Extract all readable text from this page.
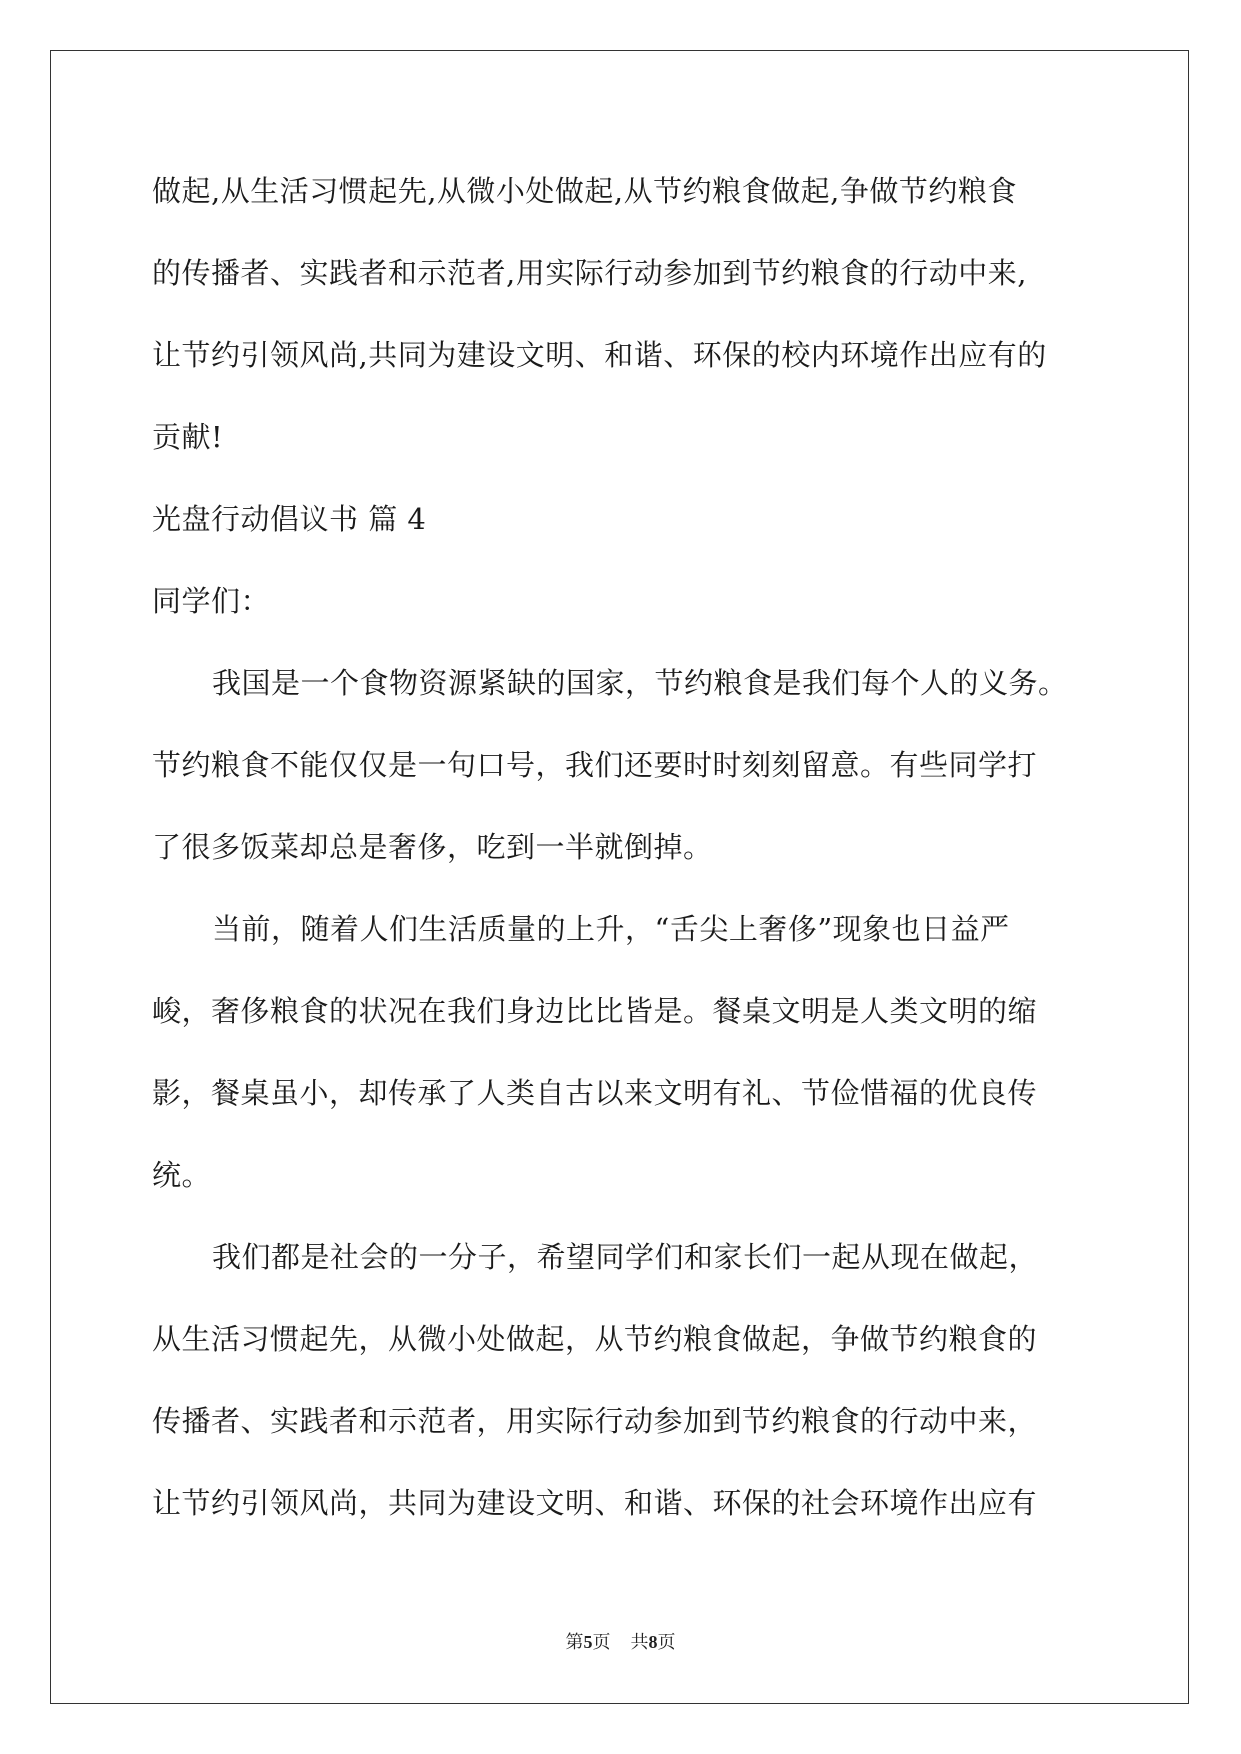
做起,从生活习惯起先,从微小处做起,从节约粮食做起,争做节约粮食
的传播者、实践者和示范者,用实际行动参加到节约粮食的行动中来,
让节约引领风尚,共同为建设文明、和谐、环保的校内环境作出应有的
贡献!
光盘行动倡议书 篇 4
同学们：
我国是一个食物资源紧缺的国家，节约粮食是我们每个人的义务。
节约粮食不能仅仅是一句口号，我们还要时时刻刻留意。有些同学打
了很多饭菜却总是奢侈，吃到一半就倒掉。
当前，随着人们生活质量的上升，“舌尖上奢侈”现象也日益严
峻，奢侈粮食的状况在我们身边比比皆是。餐桌文明是人类文明的缩
影，餐桌虽小，却传承了人类自古以来文明有礼、节俭惜福的优良传
统。
我们都是社会的一分子，希望同学们和家长们一起从现在做起，
从生活习惯起先，从微小处做起，从节约粮食做起，争做节约粮食的
传播者、实践者和示范者，用实际行动参加到节约粮食的行动中来，
让节约引领风尚，共同为建设文明、和谐、环保的社会环境作出应有
第5页 共8页
